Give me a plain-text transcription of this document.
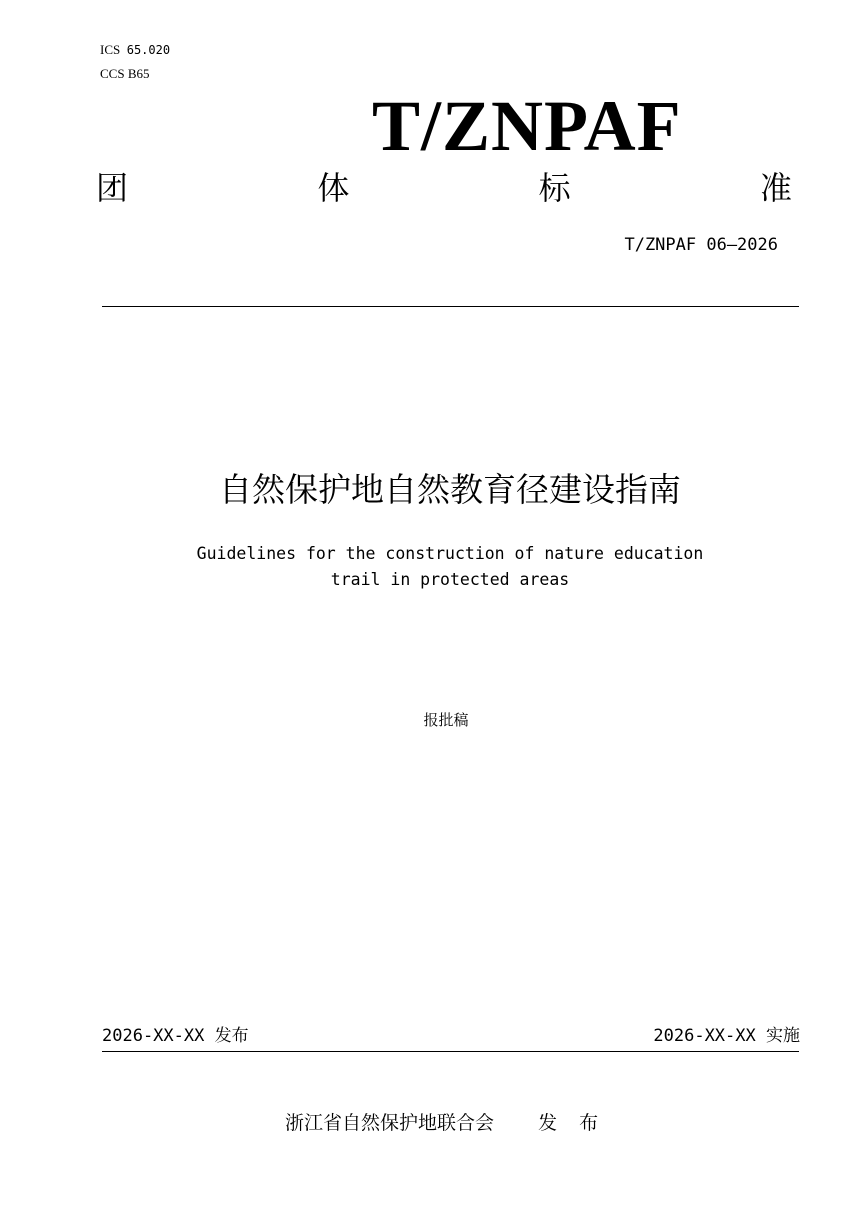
ICS 65.020
CCS B65
T/ZNPAF
团	体	标	准
T/ZNPAF 06—2026
自然保护地自然教育径建设指南
Guidelines for the construction of nature education
trail in protected areas
报批稿
2026-XX-XX 发布	2026-XX-XX 实施
浙江省自然保护地联合会 发 布
